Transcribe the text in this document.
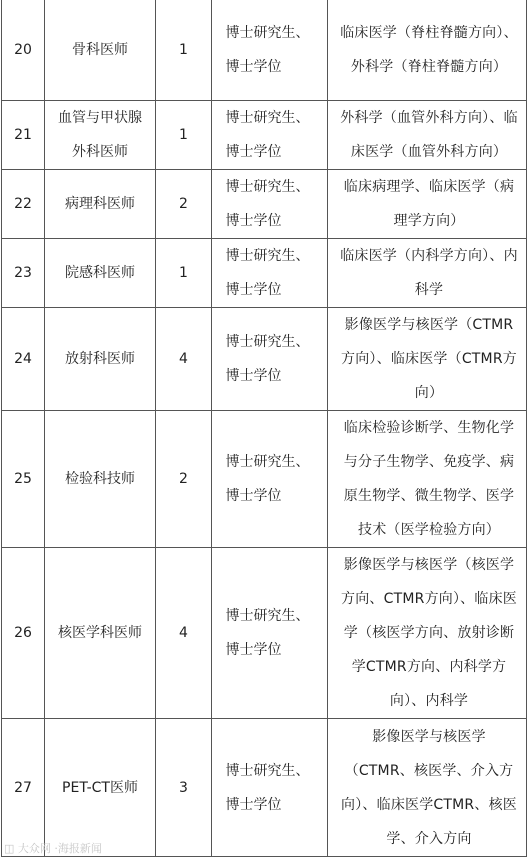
20	骨科医师	1	博士研究生、博士学位	临床医学（脊柱脊髓方向）、外科学（脊柱脊髓方向）

21	血管与甲状腺外科医师	1	博士研究生、博士学位	外科学（血管外科方向）、临床医学（血管外科方向）

22	病理科医师	2	博士研究生、博士学位	临床病理学、临床医学（病理学方向）

23	院感科医师	1	博士研究生、博士学位	临床医学（内科学方向）、内科学

24	放射科医师	4	博士研究生、博士学位	影像医学与核医学（CTMR方向）、临床医学（CTMR方向）

25	检验科技师	2	博士研究生、博士学位	临床检验诊断学、生物化学与分子生物学、免疫学、病原生物学、微生物学、医学技术（医学检验方向）

26	核医学科医师	4	博士研究生、博士学位	影像医学与核医学（核医学方向、CTMR方向）、临床医学（核医学方向、放射诊断学CTMR方向、内科学方向）、内科学

27	PET-CT医师	3	博士研究生、博士学位	影像医学与核医学（CTMR、核医学、介入方向）、临床医学CTMR、核医学、介入方向
◫ 大众网 ·海报新闻
